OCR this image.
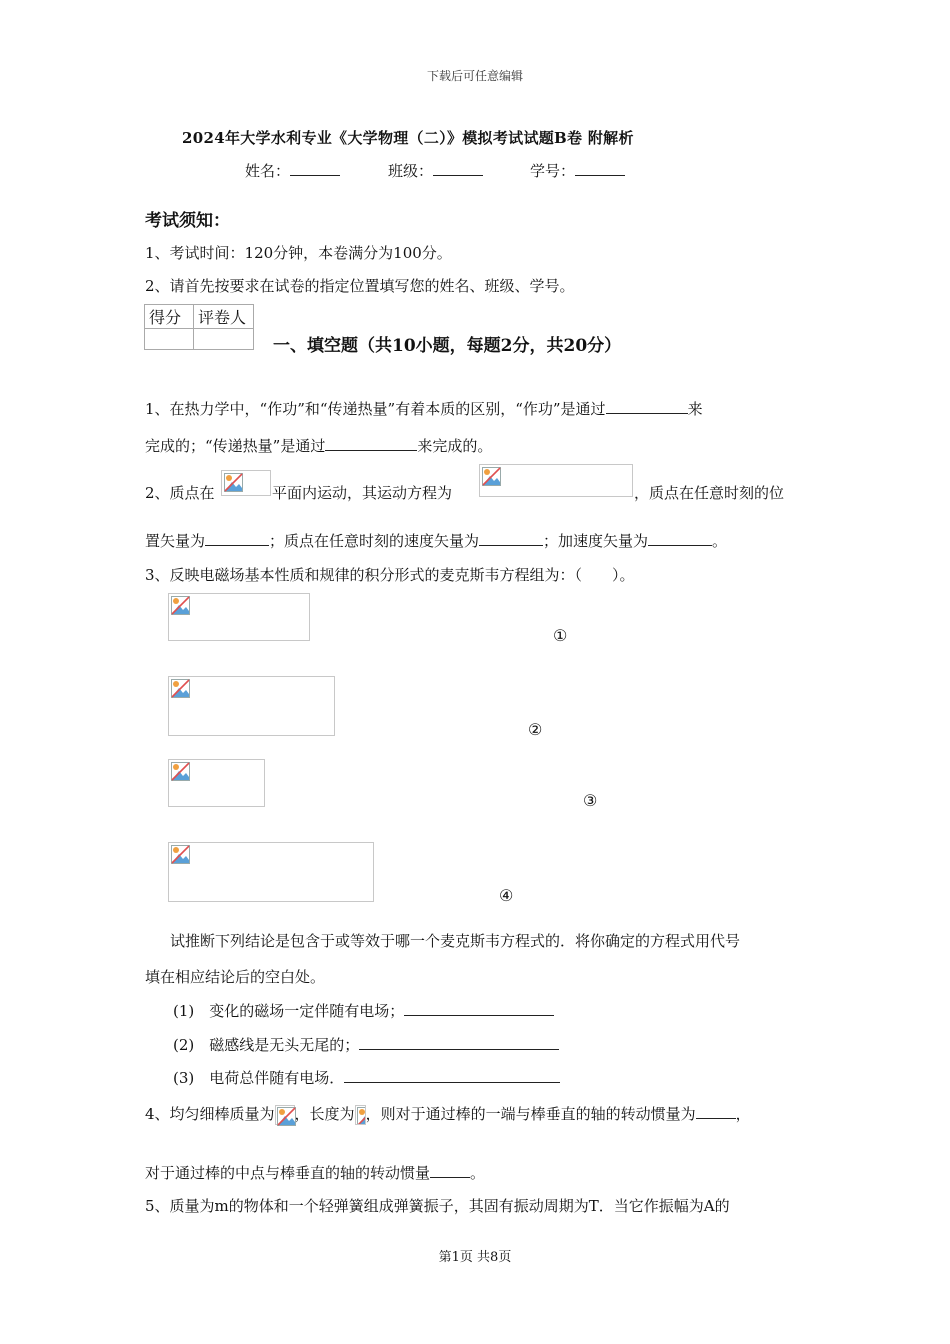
下载后可任意编辑
2024年大学水利专业《大学物理（二）》模拟考试试题B卷 附解析
姓名：	班级：	学号：
考试须知：
1、考试时间：120分钟，本卷满分为100分。
2、请首先按要求在试卷的指定位置填写您的姓名、班级、学号。
得分	评卷人

一、填空题（共10小题，每题2分，共20分）
1、在热力学中，“作功”和“传递热量”有着本质的区别，“作功”是通过	来
完成的；“传递热量”是通过	来完成的。
2、质点在	平面内运动，其运动方程为	，质点在任意时刻的位
置矢量为	；质点在任意时刻的速度矢量为	；加速度矢量为	。
3、反映电磁场基本性质和规律的积分形式的麦克斯韦方程组为：（　　）。
①
②
③
④
试推断下列结论是包含于或等效于哪一个麦克斯韦方程式的．将你确定的方程式用代号
填在相应结论后的空白处。
(1)　变化的磁场一定伴随有电场；
(2)　磁感线是无头无尾的；
(3)　电荷总伴随有电场．
4、均匀细棒质量为 ，长度为 ，则对于通过棒的一端与棒垂直的轴的转动惯量为	，
对于通过棒的中点与棒垂直的轴的转动惯量	。
5、质量为m的物体和一个轻弹簧组成弹簧振子，其固有振动周期为T．当它作振幅为A的
第1页 共8页
